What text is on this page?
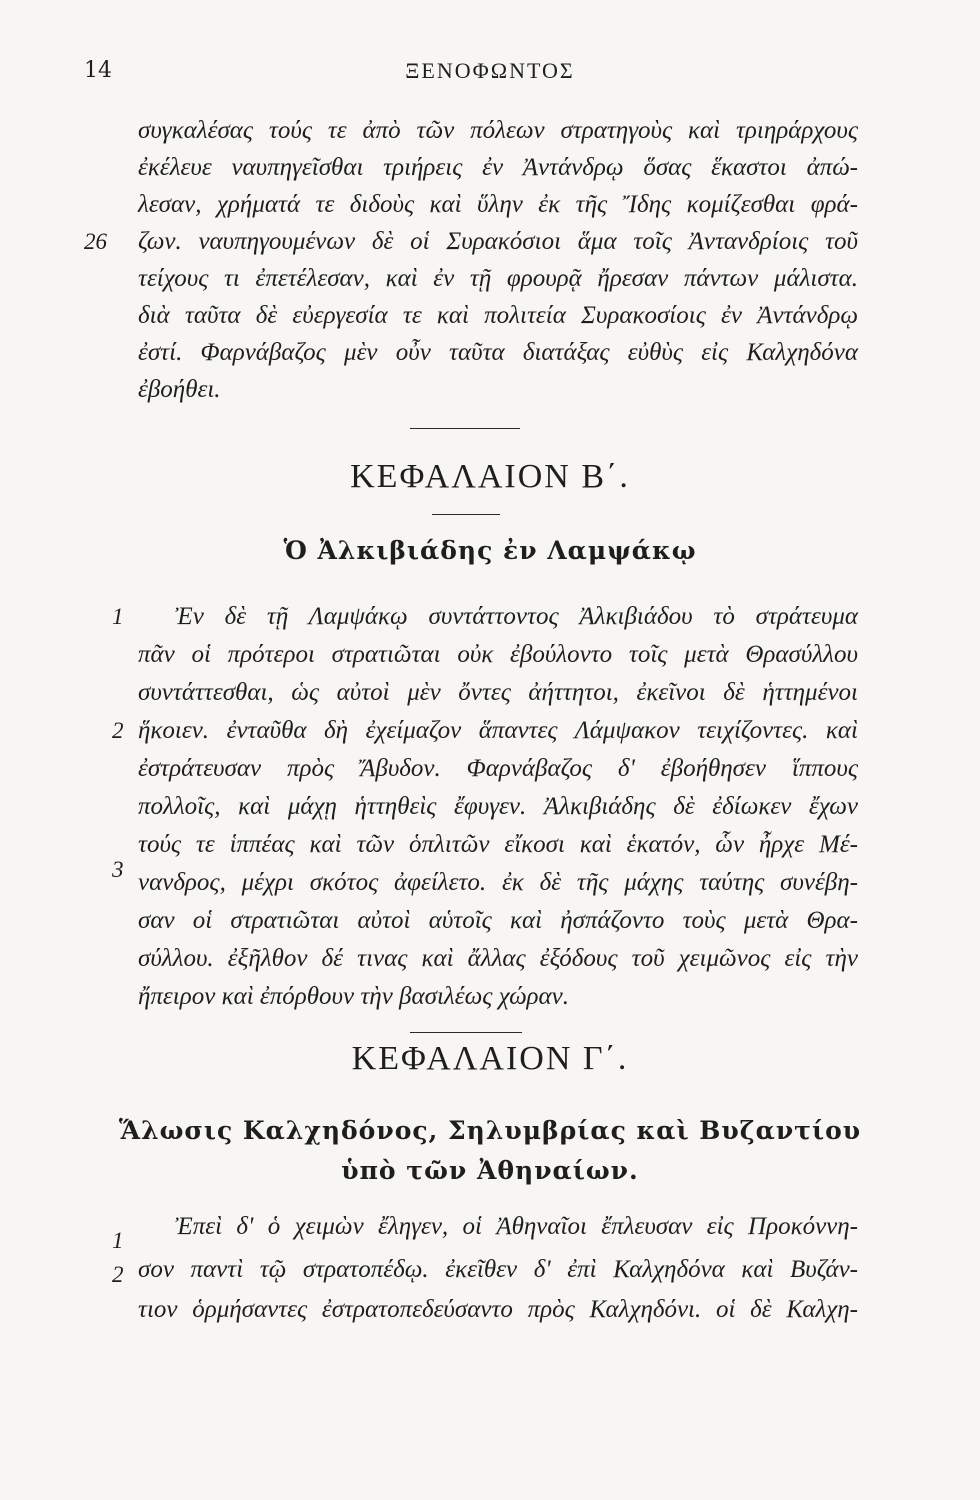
14	ΞΕΝΟΦΩΝΤΟΣ
συγκαλέσας τούς τε ἀπὸ τῶν πόλεων στρατηγοὺς καὶ τριηράρχους
ἐκέλευε ναυπηγεῖσθαι τριήρεις ἐν Ἀντάνδρῳ ὅσας ἕκαστοι ἀπώ-
λεσαν, χρήματά τε διδοὺς καὶ ὕλην ἐκ τῆς Ἴδης κομίζεσθαι φρά-
26 ζων. ναυπηγουμένων δὲ οἱ Συρακόσιοι ἅμα τοῖς Ἀντανδρίοις τοῦ
τείχους τι ἐπετέλεσαν, καὶ ἐν τῇ φρουρᾷ ἤρεσαν πάντων μάλιστα.
διὰ ταῦτα δὲ εὐεργεσία τε καὶ πολιτεία Συρακοσίοις ἐν Ἀντάνδρῳ
ἐστί. Φαρνάβαζος μὲν οὖν ταῦτα διατάξας εὐθὺς εἰς Καλχηδόνα
ἐβοήθει.
ΚΕΦΑΛΑΙΟΝ Β΄.
Ὁ Ἀλκιβιάδης ἐν Λαμψάκῳ
1	Ἐν δὲ τῇ Λαμψάκῳ συντάττοντος Ἀλκιβιάδου τὸ στράτευμα
πᾶν οἱ πρότεροι στρατιῶται οὐκ ἐβούλοντο τοῖς μετὰ Θρασύλλου
συντάττεσθαι, ὡς αὐτοὶ μὲν ὄντες ἀήττητοι, ἐκεῖνοι δὲ ἡττημένοι
2 ἥκοιεν. ἐνταῦθα δὴ ἐχείμαζον ἅπαντες Λάμψακον τειχίζοντες. καὶ
ἐστράτευσαν πρὸς Ἄβυδον. Φαρνάβαζος δ' ἐβοήθησεν ἵππους
πολλοῖς, καὶ μάχῃ ἡττηθεὶς ἔφυγεν. Ἀλκιβιάδης δὲ ἐδίωκεν ἔχων
τούς τε ἱππέας καὶ τῶν ὁπλιτῶν εἴκοσι καὶ ἑκατόν, ὧν ἦρχε Μέ-
3 νανδρος, μέχρι σκότος ἀφείλετο. ἐκ δὲ τῆς μάχης ταύτης συνέβη-
σαν οἱ στρατιῶται αὐτοὶ αὑτοῖς καὶ ἠσπάζοντο τοὺς μετὰ Θρα-
σύλλου. ἐξῆλθον δέ τινας καὶ ἄλλας ἐξόδους τοῦ χειμῶνος εἰς τὴν
ἤπειρον καὶ ἐπόρθουν τὴν βασιλέως χώραν.
ΚΕΦΑΛΑΙΟΝ Γ΄.
Ἅλωσις Καλχηδόνος, Σηλυμβρίας καὶ Βυζαντίου
ὑπὸ τῶν Ἀθηναίων.
1
Ἐπεὶ δ' ὁ χειμὼν ἔληγεν, οἱ Ἀθηναῖοι ἔπλευσαν εἰς Προκόννη-
2 σον παντὶ τῷ στρατοπέδῳ. ἐκεῖθεν δ' ἐπὶ Καλχηδόνα καὶ Βυζάν-
τιον ὁρμήσαντες ἐστρατοπεδεύσαντο πρὸς Καλχηδόνι. οἱ δὲ Καλχη-
